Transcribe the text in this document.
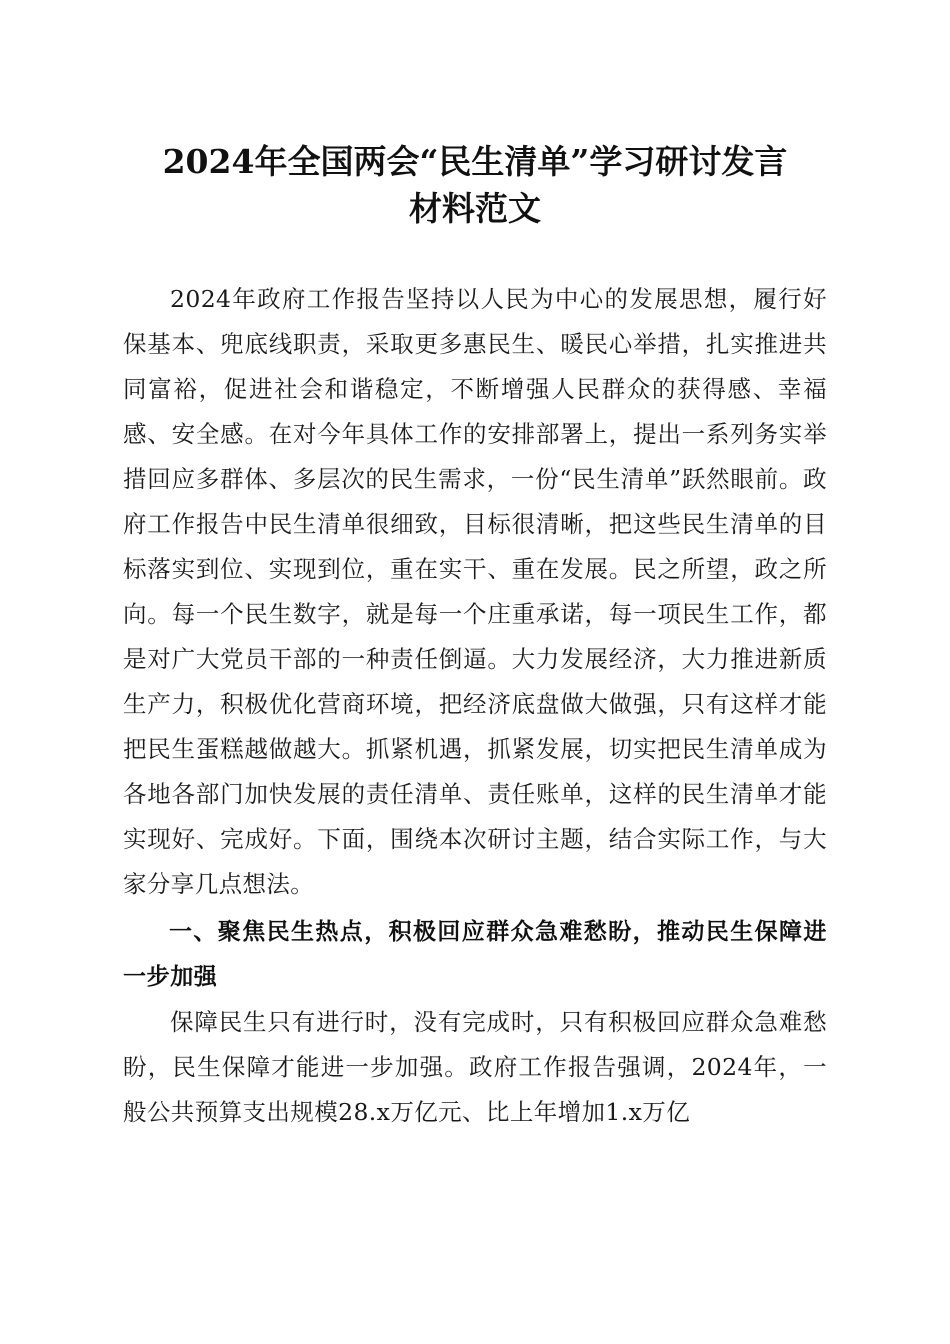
2024年全国两会“民生清单”学习研讨发言
材料范文

2024年政府工作报告坚持以人民为中心的发展思想，履行好保基本、兜底线职责，采取更多惠民生、暖民心举措，扎实推进共同富裕，促进社会和谐稳定，不断增强人民群众的获得感、幸福感、安全感。在对今年具体工作的安排部署上，提出一系列务实举措回应多群体、多层次的民生需求，一份“民生清单”跃然眼前。政府工作报告中民生清单很细致，目标很清晰，把这些民生清单的目标落实到位、实现到位，重在实干、重在发展。民之所望，政之所向。每一个民生数字，就是每一个庄重承诺，每一项民生工作，都是对广大党员干部的一种责任倒逼。大力发展经济，大力推进新质生产力，积极优化营商环境，把经济底盘做大做强，只有这样才能把民生蛋糕越做越大。抓紧机遇，抓紧发展，切实把民生清单成为各地各部门加快发展的责任清单、责任账单，这样的民生清单才能实现好、完成好。下面，围绕本次研讨主题，结合实际工作，与大家分享几点想法。

一、聚焦民生热点，积极回应群众急难愁盼，推动民生保障进一步加强

保障民生只有进行时，没有完成时，只有积极回应群众急难愁盼，民生保障才能进一步加强。政府工作报告强调，2024年，一般公共预算支出规模28.x万亿元、比上年增加1.x万亿
